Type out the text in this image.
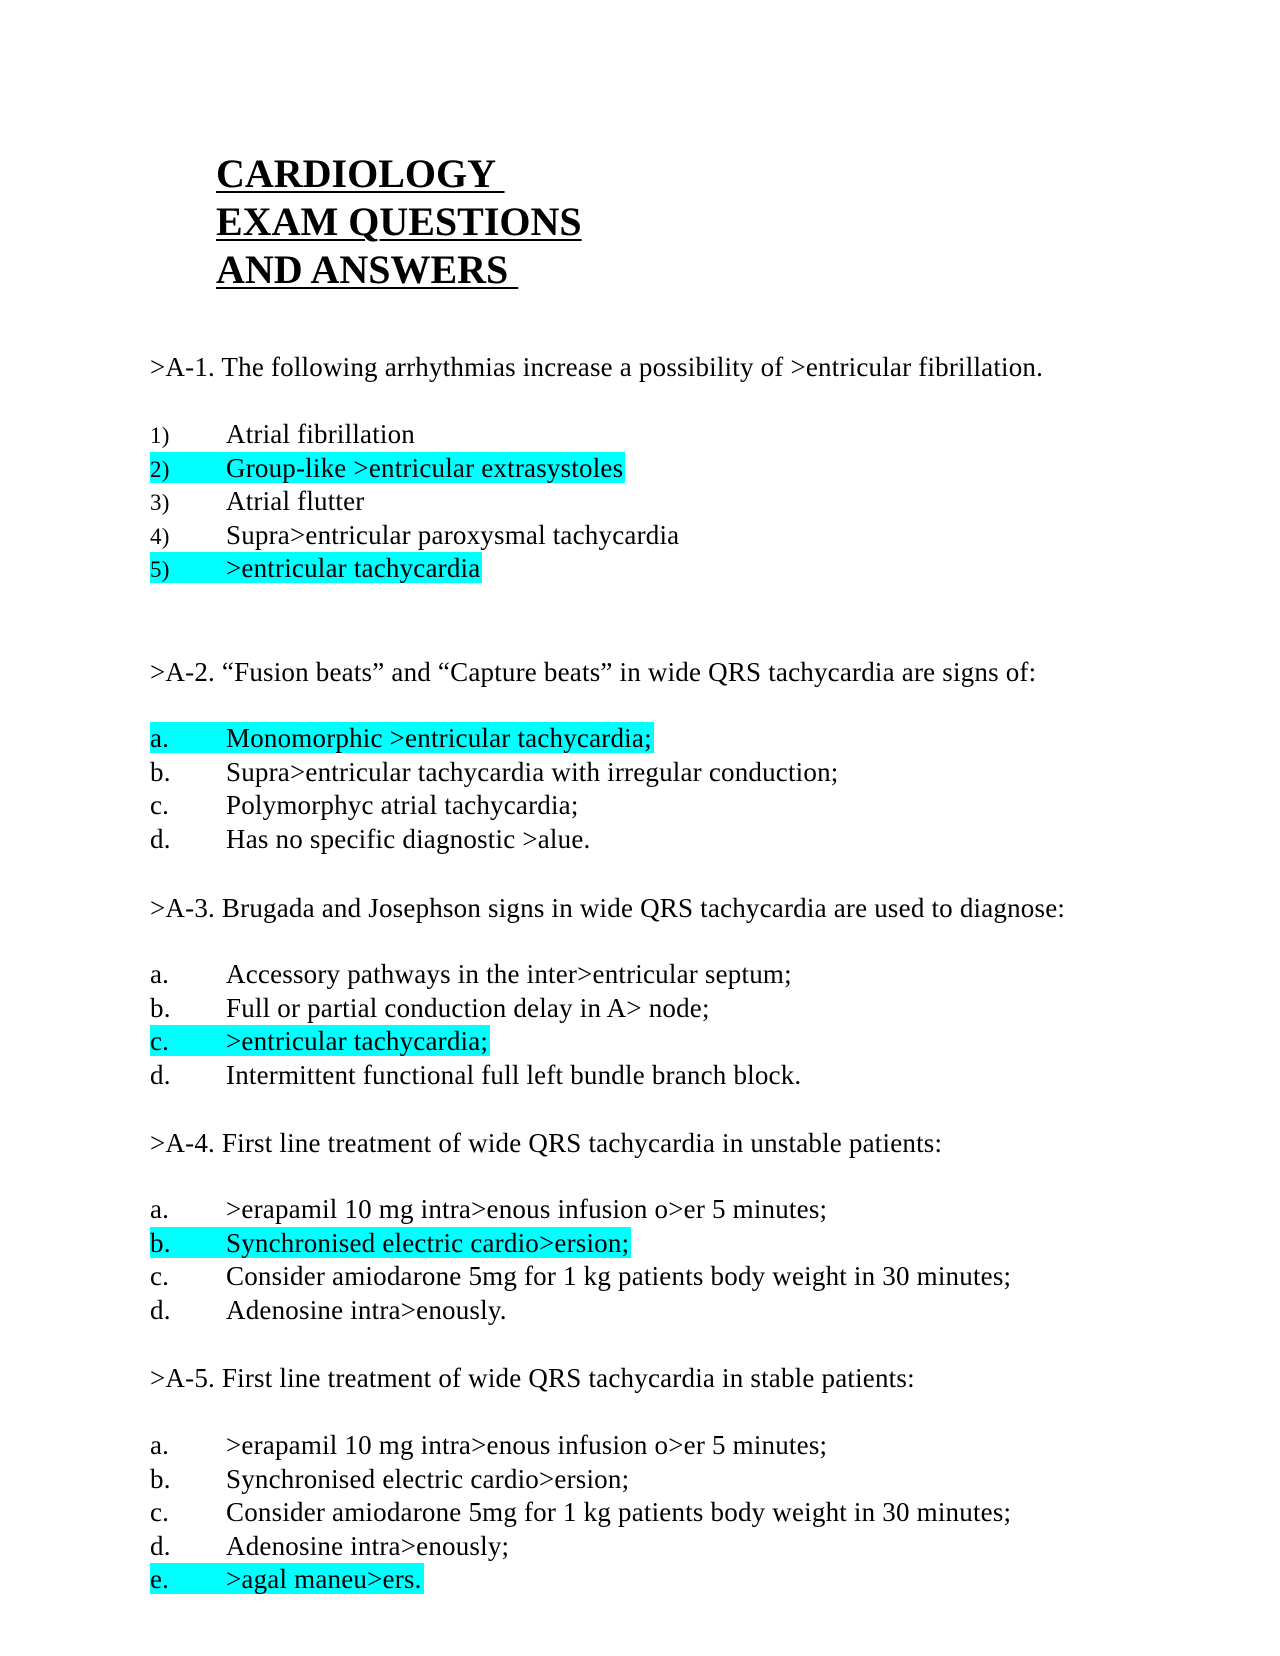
CARDIOLOGY
EXAM QUESTIONS
AND ANSWERS

>A-1. The following arrhythmias increase a possibility of >entricular fibrillation.

1) Atrial fibrillation
2) Group-like >entricular extrasystoles
3) Atrial flutter
4) Supra>entricular paroxysmal tachycardia
5) >entricular tachycardia

>A-2. “Fusion beats” and “Capture beats” in wide QRS tachycardia are signs of:

a. Monomorphic >entricular tachycardia;
b. Supra>entricular tachycardia with irregular conduction;
c. Polymorphyc atrial tachycardia;
d. Has no specific diagnostic >alue.

>A-3. Brugada and Josephson signs in wide QRS tachycardia are used to diagnose:

a. Accessory pathways in the inter>entricular septum;
b. Full or partial conduction delay in A> node;
c. >entricular tachycardia;
d. Intermittent functional full left bundle branch block.

>A-4. First line treatment of wide QRS tachycardia in unstable patients:

a. >erapamil 10 mg intra>enous infusion o>er 5 minutes;
b. Synchronised electric cardio>ersion;
c. Consider amiodarone 5mg for 1 kg patients body weight in 30 minutes;
d. Adenosine intra>enously.

>A-5. First line treatment of wide QRS tachycardia in stable patients:

a. >erapamil 10 mg intra>enous infusion o>er 5 minutes;
b. Synchronised electric cardio>ersion;
c. Consider amiodarone 5mg for 1 kg patients body weight in 30 minutes;
d. Adenosine intra>enously;
e. >agal maneu>ers.
